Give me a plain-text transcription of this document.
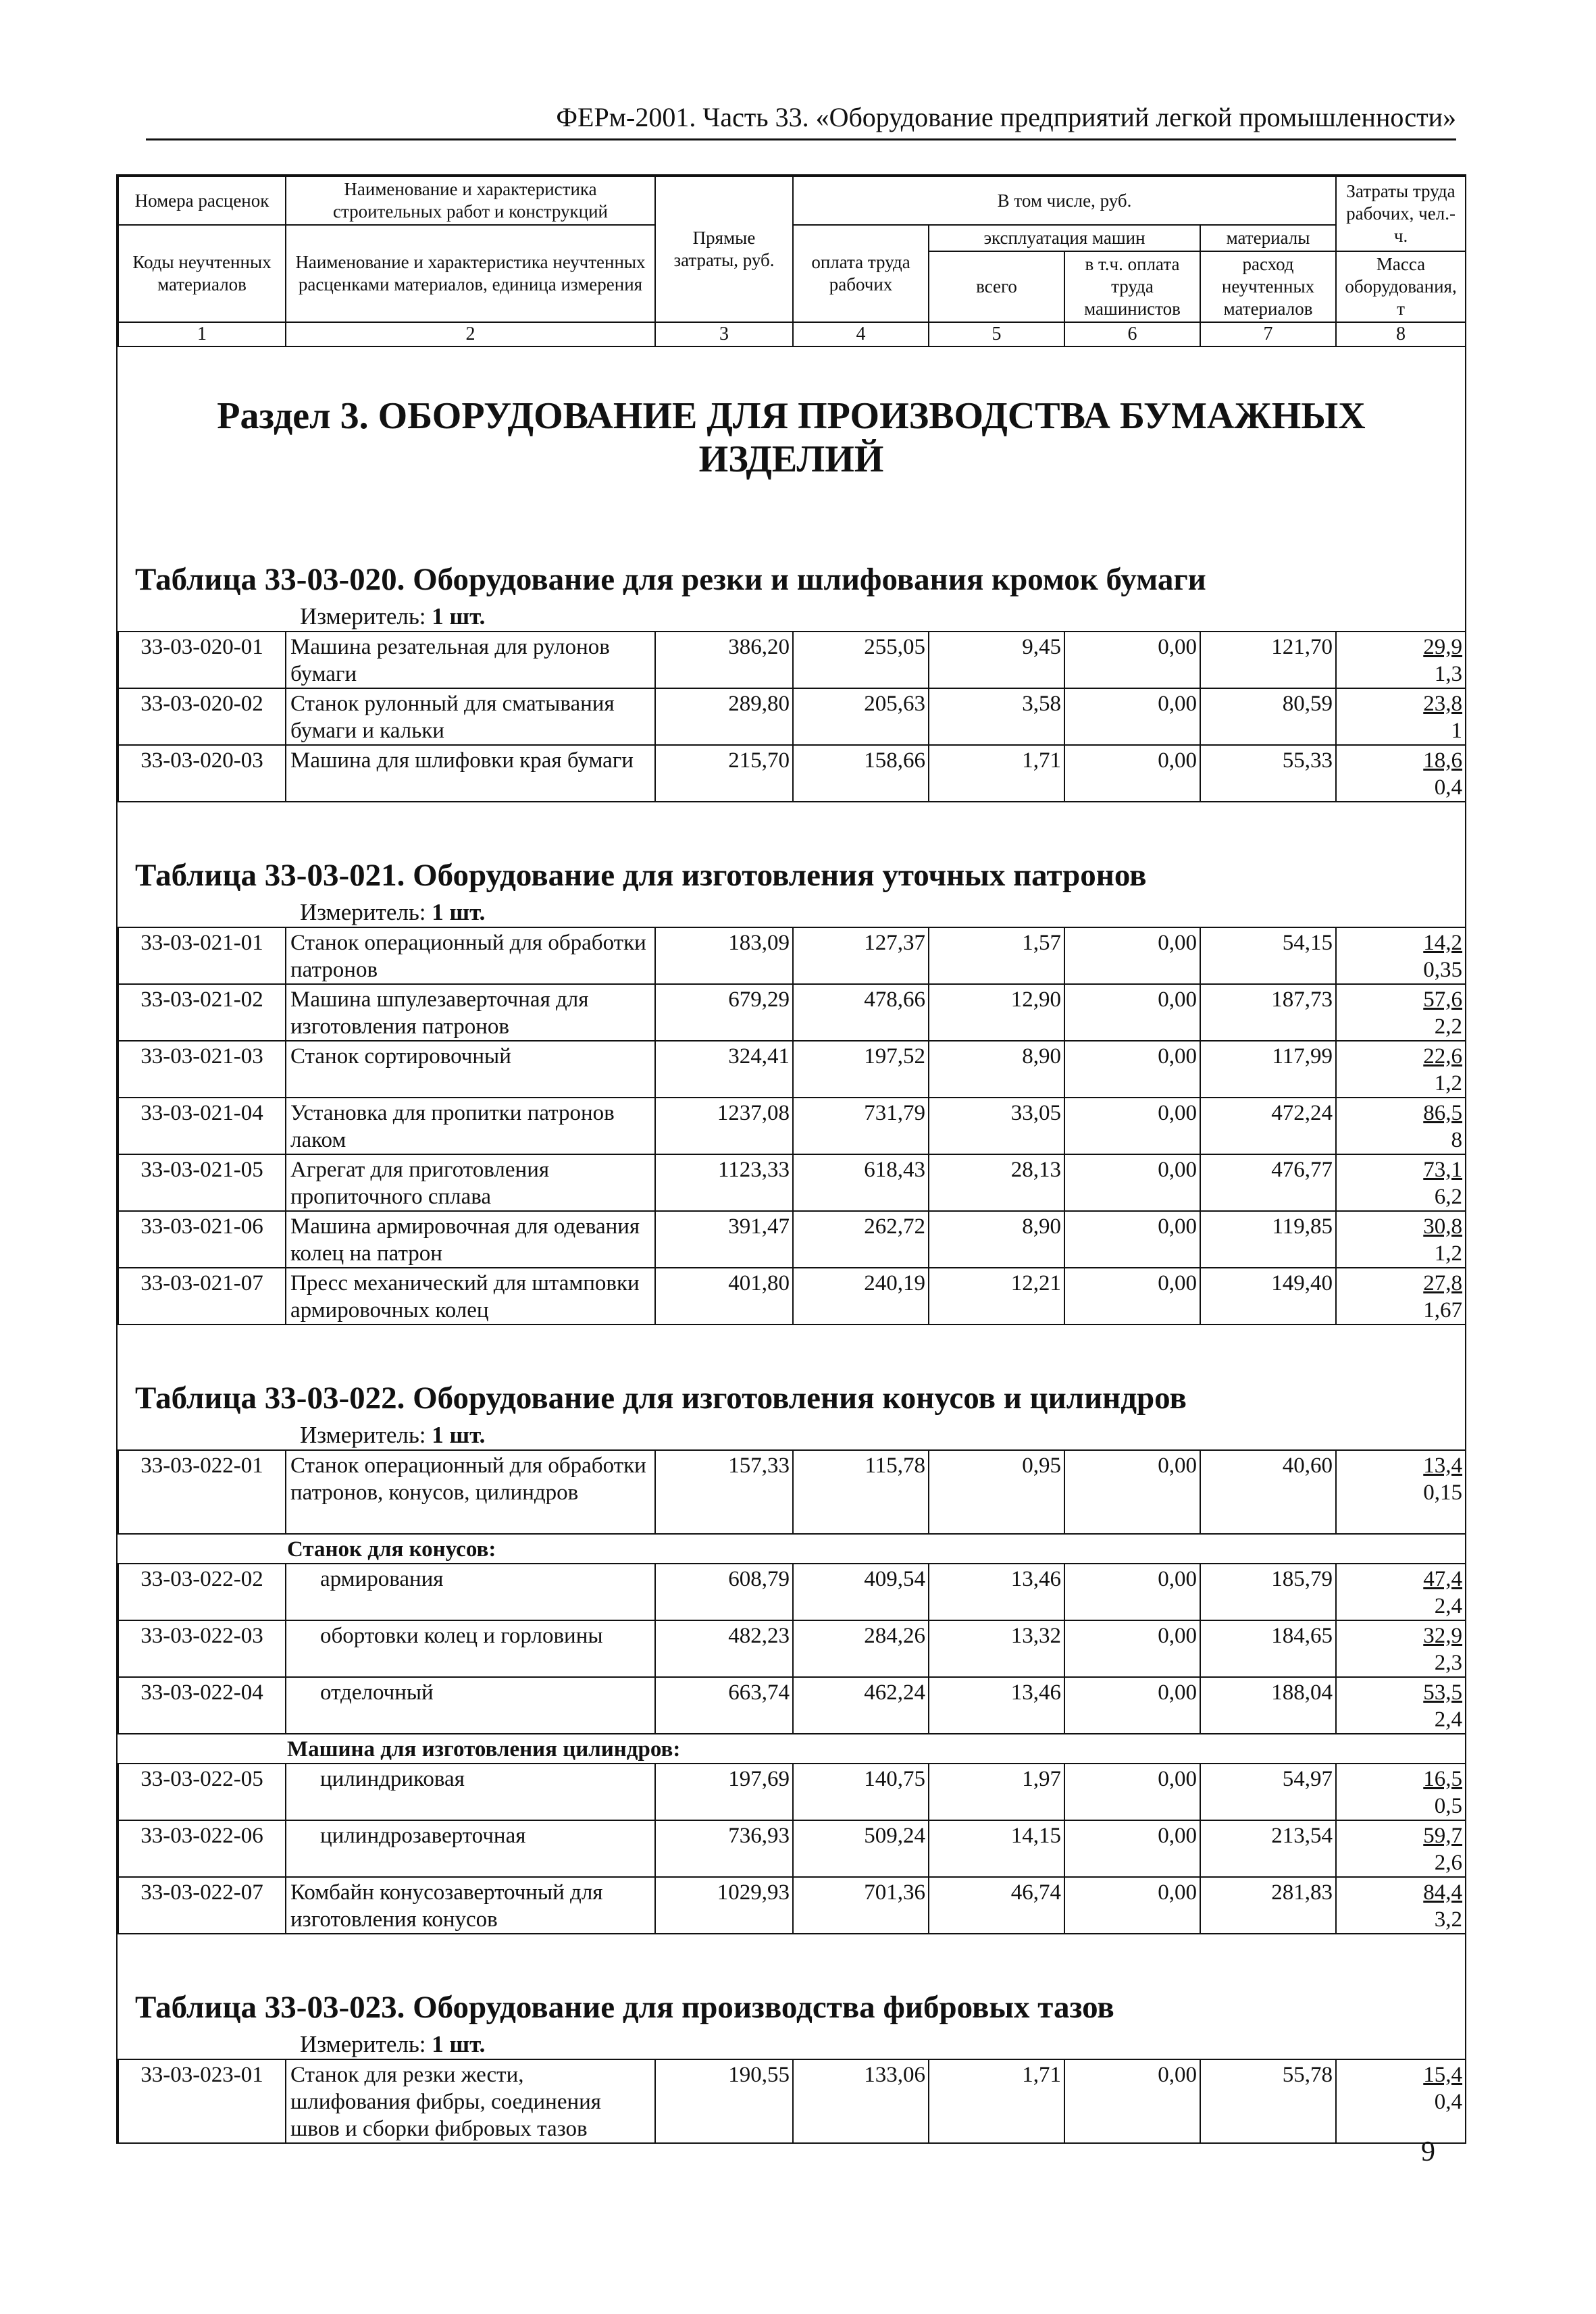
ФЕРм-2001. Часть 33. «Оборудование предприятий легкой промышленности»
Номера расценок	Наименование и характеристика строительных работ и конструкций	Прямые затраты, руб.	В том числе, руб.				Затраты труда рабочих, чел.-ч.
Коды неучтенных материалов	Наименование и характеристика неучтенных расценками материалов, единица измерения		оплата труда рабочих	эксплуатация машин		материалы	
				всего	в т.ч. оплата труда машинистов	расход неучтенных материалов	Масса оборудования, т
1	2	3	4	5	6	7	8
Раздел 3. ОБОРУДОВАНИЕ ДЛЯ ПРОИЗВОДСТВА БУМАЖНЫХ ИЗДЕЛИЙ
Таблица 33-03-020. Оборудование для резки и шлифования кромок бумаги
Измеритель: 1 шт.
33-03-020-01	Машина резательная для рулонов бумаги	386,20	255,05	9,45	0,00	121,70	29,9
1,3

33-03-020-02	Станок рулонный для сматывания бумаги и кальки	289,80	205,63	3,58	0,00	80,59	23,8
1

33-03-020-03	Машина для шлифовки края бумаги	215,70	158,66	1,71	0,00	55,33	18,6
0,4
Таблица 33-03-021. Оборудование для изготовления уточных патронов
Измеритель: 1 шт.
33-03-021-01	Станок операционный для обработки патронов	183,09	127,37	1,57	0,00	54,15	14,2
0,35

33-03-021-02	Машина шпулезаверточная для изготовления патронов	679,29	478,66	12,90	0,00	187,73	57,6
2,2

33-03-021-03	Станок сортировочный	324,41	197,52	8,90	0,00	117,99	22,6
1,2

33-03-021-04	Установка для пропитки патронов лаком	1237,08	731,79	33,05	0,00	472,24	86,5
8

33-03-021-05	Агрегат для приготовления пропиточного сплава	1123,33	618,43	28,13	0,00	476,77	73,1
6,2

33-03-021-06	Машина армировочная для одевания колец на патрон	391,47	262,72	8,90	0,00	119,85	30,8
1,2

33-03-021-07	Пресс механический для штамповки армировочных колец	401,80	240,19	12,21	0,00	149,40	27,8
1,67
Таблица 33-03-022. Оборудование для изготовления конусов и цилиндров
Измеритель: 1 шт.
33-03-022-01	Станок операционный для обработки патронов, конусов, цилиндров	157,33	115,78	0,95	0,00	40,60	13,4
0,15

Станок для конусов:							
33-03-022-02	армирования	608,79	409,54	13,46	0,00	185,79	47,4
2,4

33-03-022-03	обортовки колец и горловины	482,23	284,26	13,32	0,00	184,65	32,9
2,3

33-03-022-04	отделочный	663,74	462,24	13,46	0,00	188,04	53,5
2,4

Машина для изготовления цилиндров:							
33-03-022-05	цилиндриковая	197,69	140,75	1,97	0,00	54,97	16,5
0,5

33-03-022-06	цилиндрозаверточная	736,93	509,24	14,15	0,00	213,54	59,7
2,6

33-03-022-07	Комбайн конусозаверточный для изготовления конусов	1029,93	701,36	46,74	0,00	281,83	84,4
3,2
Таблица 33-03-023. Оборудование для производства фибровых тазов
Измеритель: 1 шт.
33-03-023-01	Станок для резки жести, шлифования фибры, соединения швов и сборки фибровых тазов	190,55	133,06	1,71	0,00	55,78	15,4
0,4
9
